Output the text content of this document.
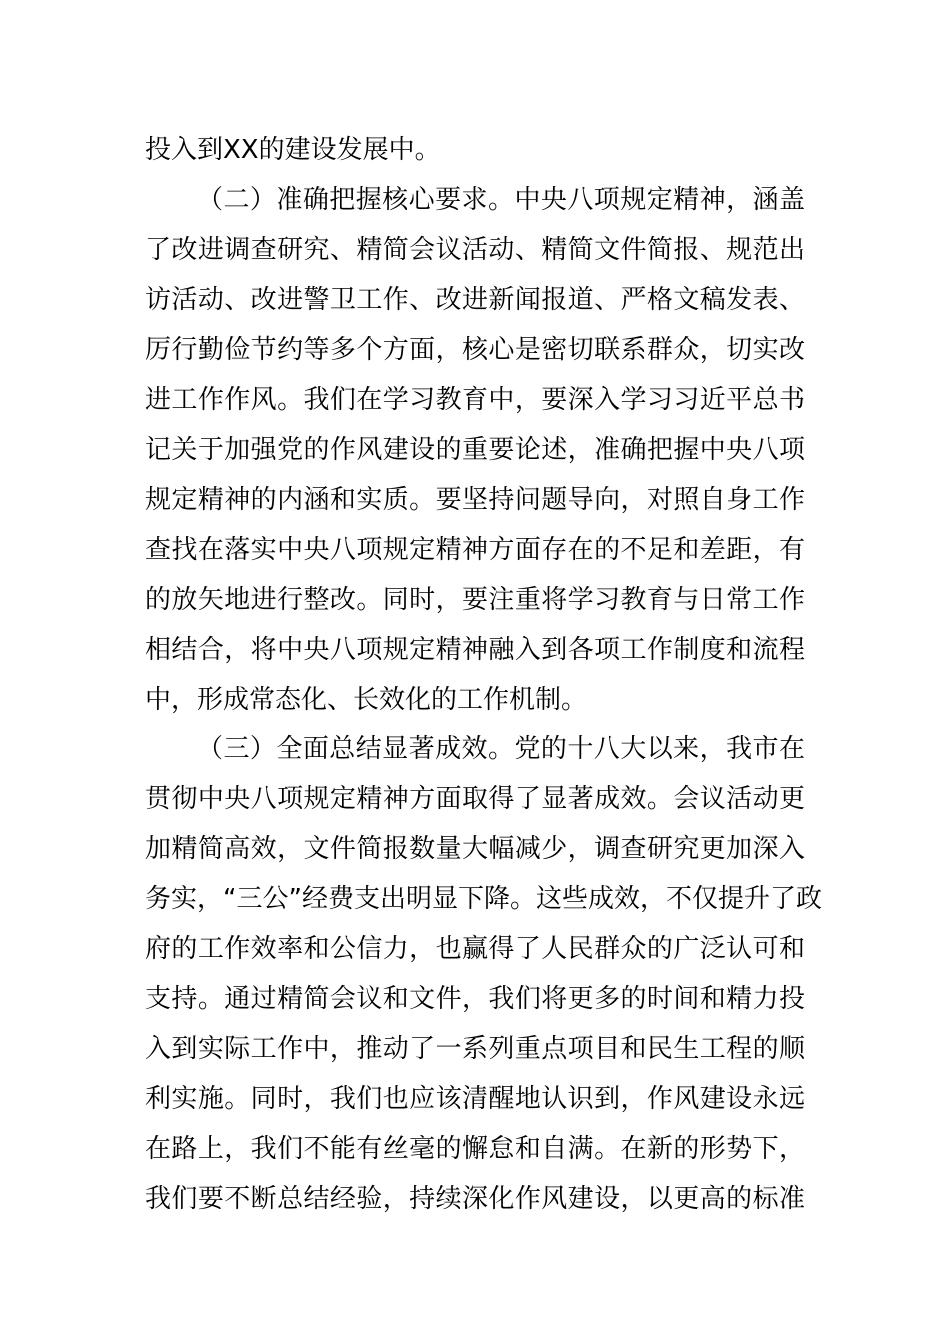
投入到XX的建设发展中。
（二）准确把握核心要求。中央八项规定精神，涵盖
了改进调查研究、精简会议活动、精简文件简报、规范出
访活动、改进警卫工作、改进新闻报道、严格文稿发表、
厉行勤俭节约等多个方面，核心是密切联系群众，切实改
进工作作风。我们在学习教育中，要深入学习习近平总书
记关于加强党的作风建设的重要论述，准确把握中央八项
规定精神的内涵和实质。要坚持问题导向，对照自身工作
查找在落实中央八项规定精神方面存在的不足和差距，有
的放矢地进行整改。同时，要注重将学习教育与日常工作
相结合，将中央八项规定精神融入到各项工作制度和流程
中，形成常态化、长效化的工作机制。
（三）全面总结显著成效。党的十八大以来，我市在
贯彻中央八项规定精神方面取得了显著成效。会议活动更
加精简高效，文件简报数量大幅减少，调查研究更加深入
务实，“三公”经费支出明显下降。这些成效，不仅提升了政
府的工作效率和公信力，也赢得了人民群众的广泛认可和
支持。通过精简会议和文件，我们将更多的时间和精力投
入到实际工作中，推动了一系列重点项目和民生工程的顺
利实施。同时，我们也应该清醒地认识到，作风建设永远
在路上，我们不能有丝毫的懈怠和自满。在新的形势下，
我们要不断总结经验，持续深化作风建设，以更高的标准
